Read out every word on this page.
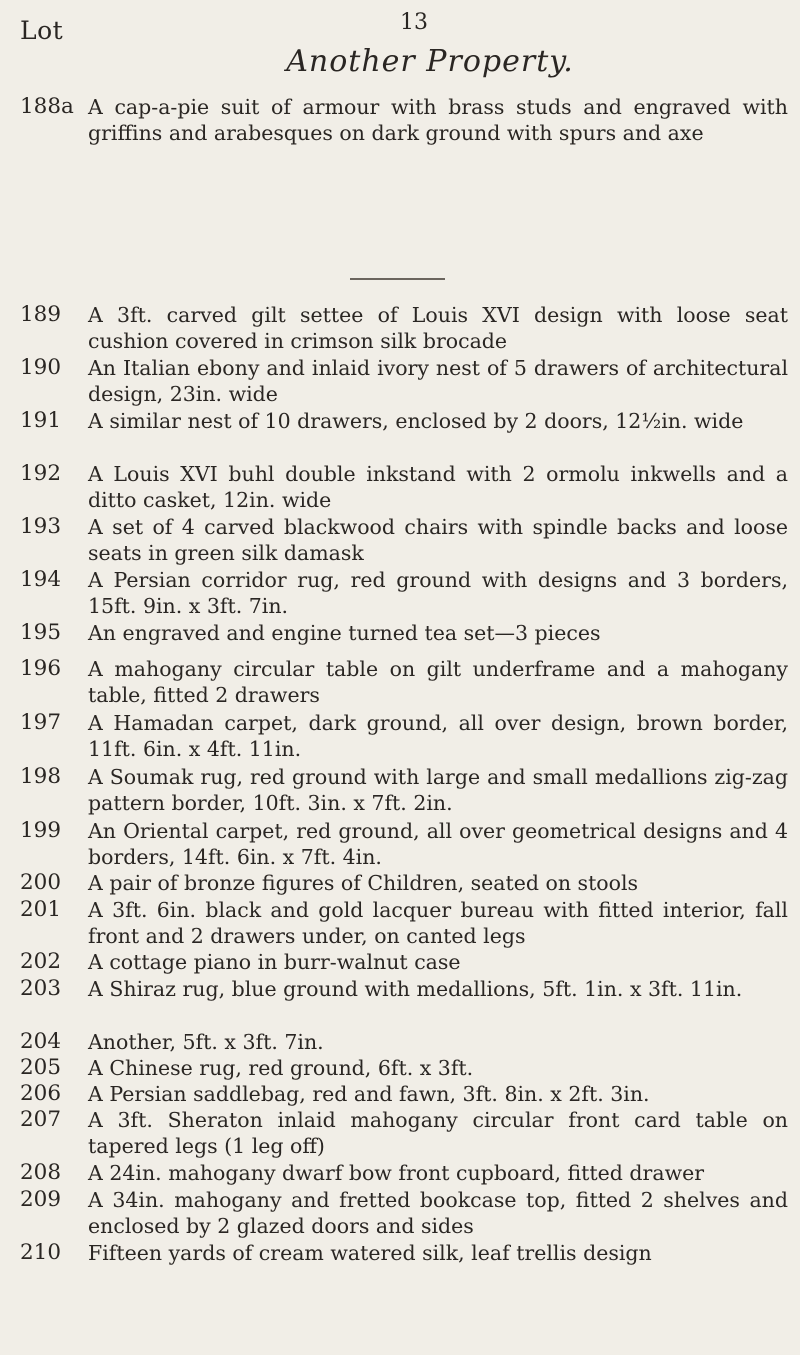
Lot	13
Another Property.
188a A cap-a-pie suit of armour with brass studs and engraved with griffins and arabesques on dark ground with spurs and axe
189	A 3ft. carved gilt settee of Louis XVI design with loose seat cushion covered in crimson silk brocade
190	An Italian ebony and inlaid ivory nest of 5 drawers of architectural design, 23in. wide
191	A similar nest of 10 drawers, enclosed by 2 doors, 12½in. wide
192	A Louis XVI buhl double inkstand with 2 ormolu inkwells and a ditto casket, 12in. wide
193	A set of 4 carved blackwood chairs with spindle backs and loose seats in green silk damask
194	A Persian corridor rug, red ground with designs and 3 borders, 15ft. 9in. x 3ft. 7in.
195	An engraved and engine turned tea set—3 pieces
196	A mahogany circular table on gilt underframe and a mahogany table, fitted 2 drawers
197	A Hamadan carpet, dark ground, all over design, brown border, 11ft. 6in. x 4ft. 11in.
198	A Soumak rug, red ground with large and small medallions zig-zag pattern border, 10ft. 3in. x 7ft. 2in.
199	An Oriental carpet, red ground, all over geometrical designs and 4 borders, 14ft. 6in. x 7ft. 4in.
200	A pair of bronze figures of Children, seated on stools
201	A 3ft. 6in. black and gold lacquer bureau with fitted interior, fall front and 2 drawers under, on canted legs
202	A cottage piano in burr-walnut case
203	A Shiraz rug, blue ground with medallions, 5ft. 1in. x 3ft. 11in.
204	Another, 5ft. x 3ft. 7in.
205	A Chinese rug, red ground, 6ft. x 3ft.
206	A Persian saddlebag, red and fawn, 3ft. 8in. x 2ft. 3in.
207	A 3ft. Sheraton inlaid mahogany circular front card table on tapered legs (1 leg off)
208	A 24in. mahogany dwarf bow front cupboard, fitted drawer
209	A 34in. mahogany and fretted bookcase top, fitted 2 shelves and enclosed by 2 glazed doors and sides
210	Fifteen yards of cream watered silk, leaf trellis design
